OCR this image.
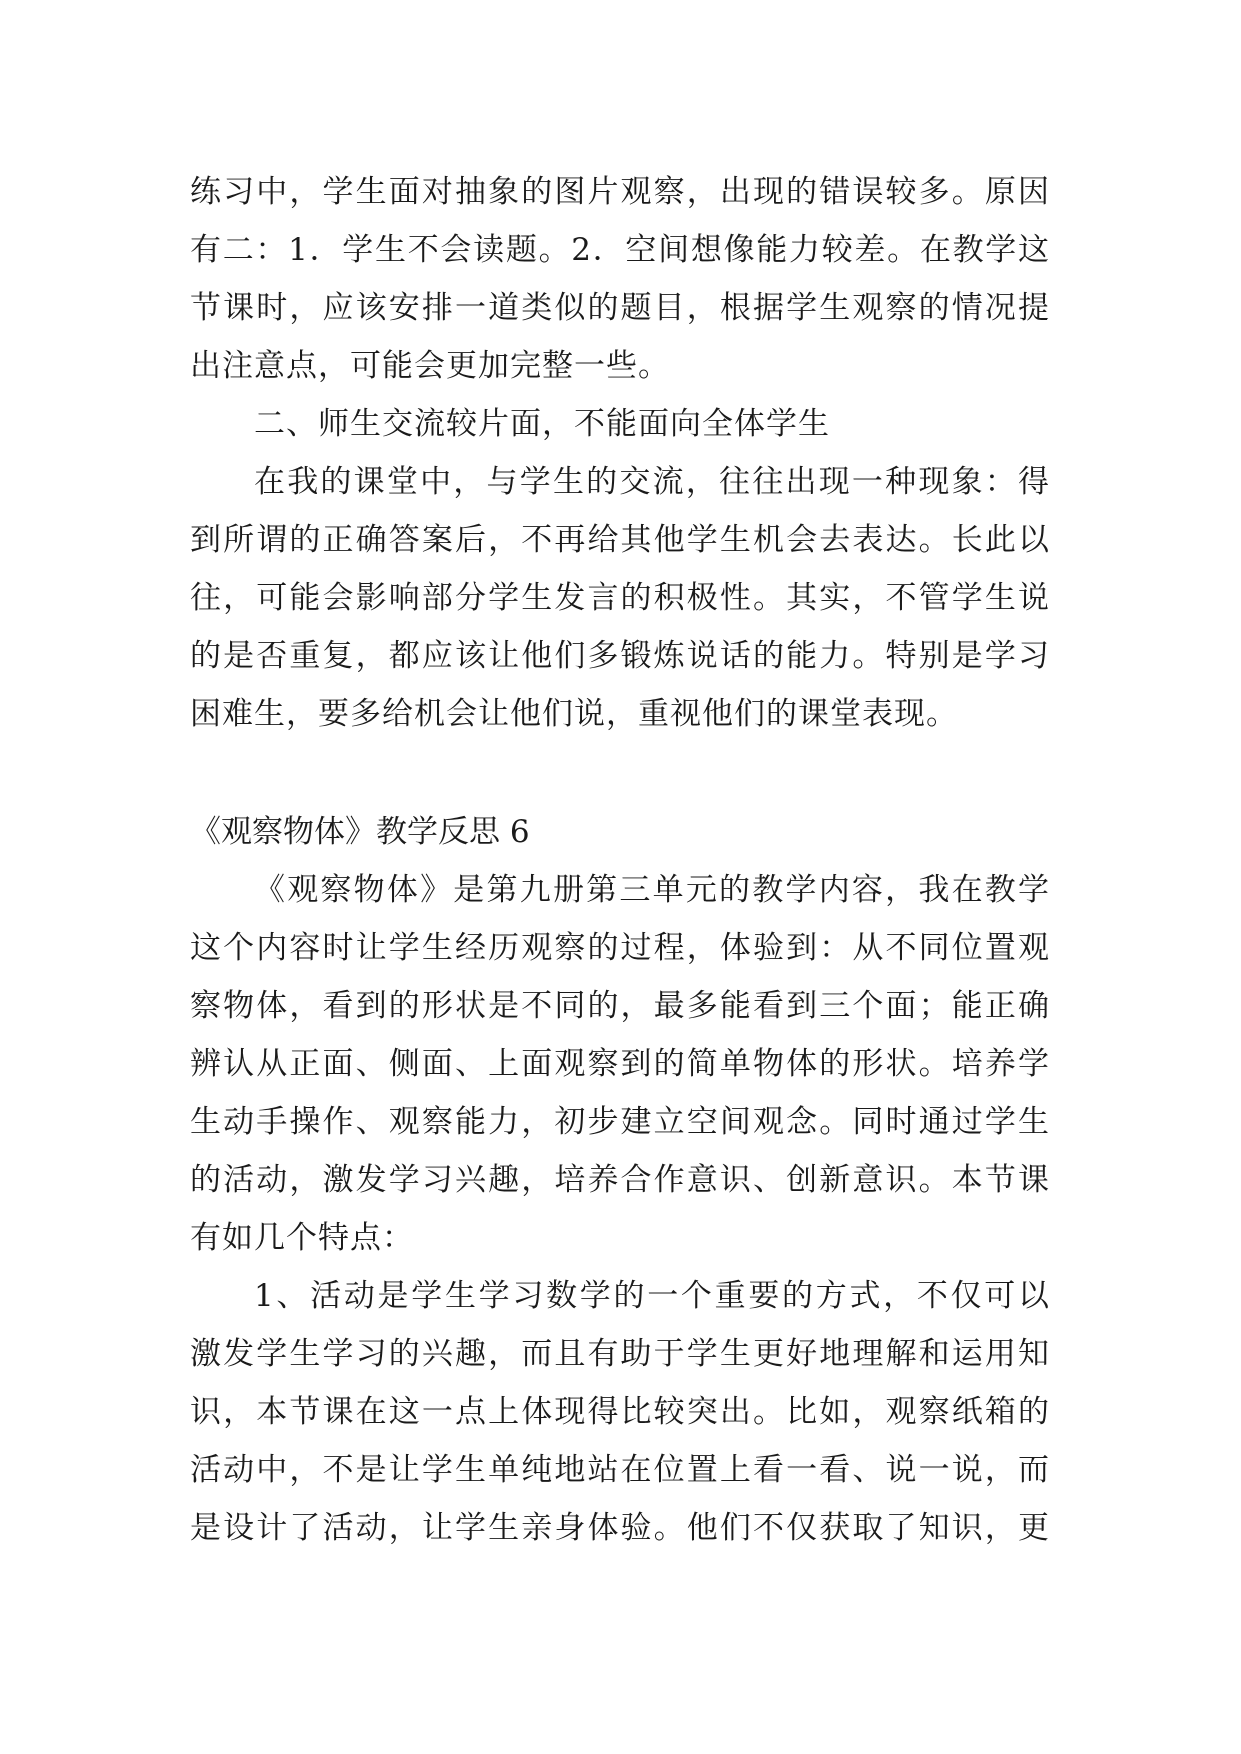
练习中，学生面对抽象的图片观察，出现的错误较多。原因
有二：1．学生不会读题。2．空间想像能力较差。在教学这
节课时，应该安排一道类似的题目，根据学生观察的情况提
出注意点，可能会更加完整一些。
二、师生交流较片面，不能面向全体学生
在我的课堂中，与学生的交流，往往出现一种现象：得
到所谓的正确答案后，不再给其他学生机会去表达。长此以
往，可能会影响部分学生发言的积极性。其实，不管学生说
的是否重复，都应该让他们多锻炼说话的能力。特别是学习
困难生，要多给机会让他们说，重视他们的课堂表现。
《观察物体》教学反思 6
《观察物体》是第九册第三单元的教学内容，我在教学
这个内容时让学生经历观察的过程，体验到：从不同位置观
察物体，看到的形状是不同的，最多能看到三个面；能正确
辨认从正面、侧面、上面观察到的简单物体的形状。培养学
生动手操作、观察能力，初步建立空间观念。同时通过学生
的活动，激发学习兴趣，培养合作意识、创新意识。本节课
有如几个特点：
1、活动是学生学习数学的一个重要的方式，不仅可以
激发学生学习的兴趣，而且有助于学生更好地理解和运用知
识，本节课在这一点上体现得比较突出。比如，观察纸箱的
活动中，不是让学生单纯地站在位置上看一看、说一说，而
是设计了活动，让学生亲身体验。他们不仅获取了知识，更
